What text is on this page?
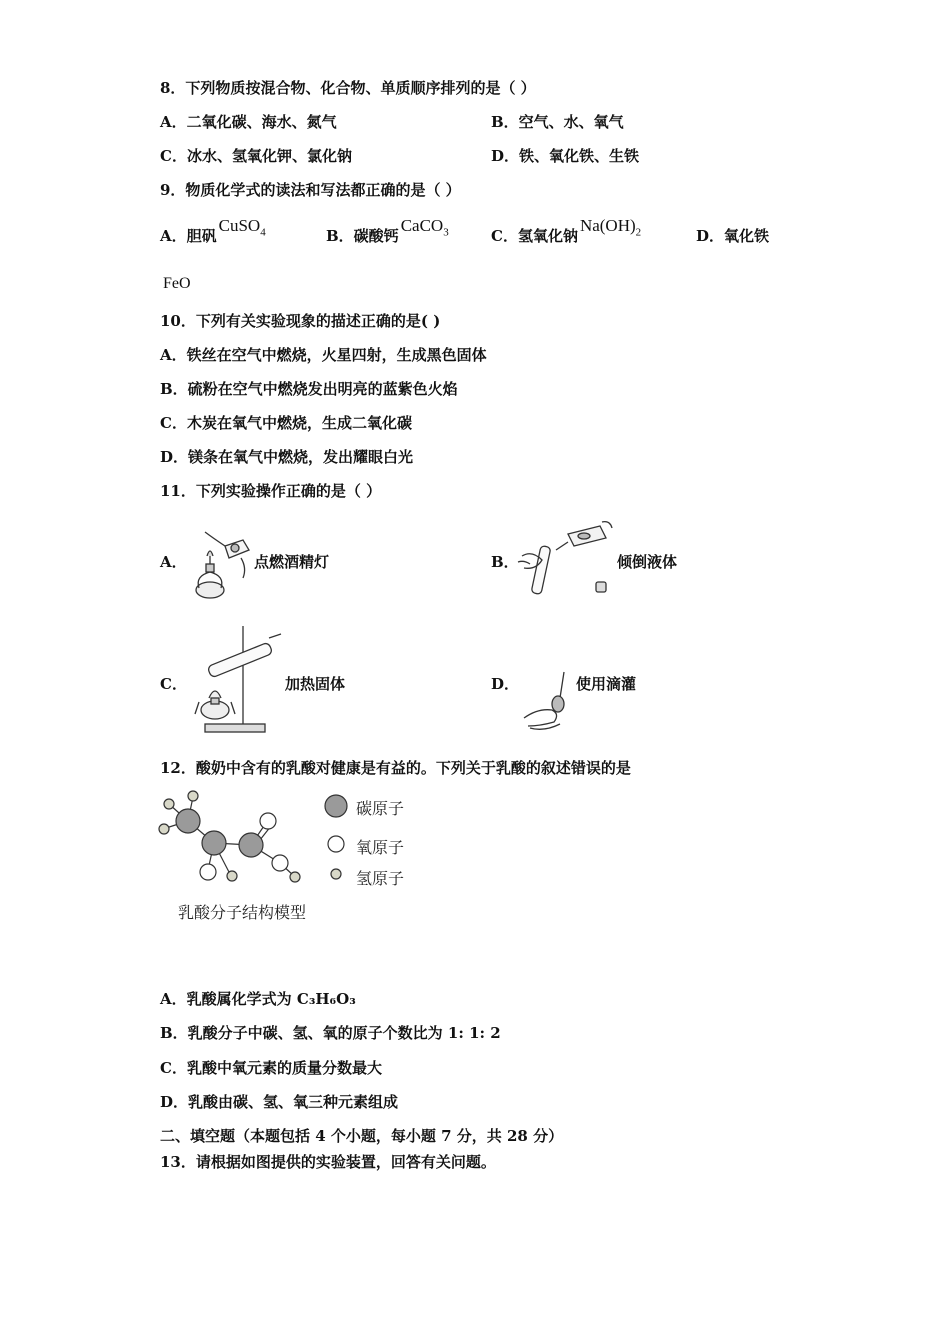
8．下列物质按混合物、化合物、单质顺序排列的是（ ）
A．二氧化碳、海水、氮气	B．空气、水、氧气
C．冰水、氢氧化钾、氯化钠	D．铁、氧化铁、生铁
9．物质化学式的读法和写法都正确的是（ ）
A．胆矾CuSO$_4$	B．碳酸钙CaCO$_3$	C．氢氧化钠$Na(OH)_2$	D．氧化铁
FeO
10．下列有关实验现象的描述正确的是( )
A．铁丝在空气中燃烧，火星四射，生成黑色固体
B．硫粉在空气中燃烧发出明亮的蓝紫色火焰
C．木炭在氧气中燃烧，生成二氧化碳
D．镁条在氧气中燃烧，发出耀眼白光
11．下列实验操作正确的是（ ）
A．	点燃酒精灯	B．	倾倒液体
C．	加热固体	D．	使用滴灌
12．酸奶中含有的乳酸对健康是有益的。下列关于乳酸的叙述错误的是
碳原子
氧原子
氢原子
乳酸分子结构模型
A．乳酸属化学式为 C₃H₆O₃
B．乳酸分子中碳、氢、氧的原子个数比为 1: 1: 2
C．乳酸中氧元素的质量分数最大
D．乳酸由碳、氢、氧三种元素组成
二、填空题（本题包括 4 个小题，每小题 7 分，共 28 分）
13．请根据如图提供的实验装置，回答有关问题。
